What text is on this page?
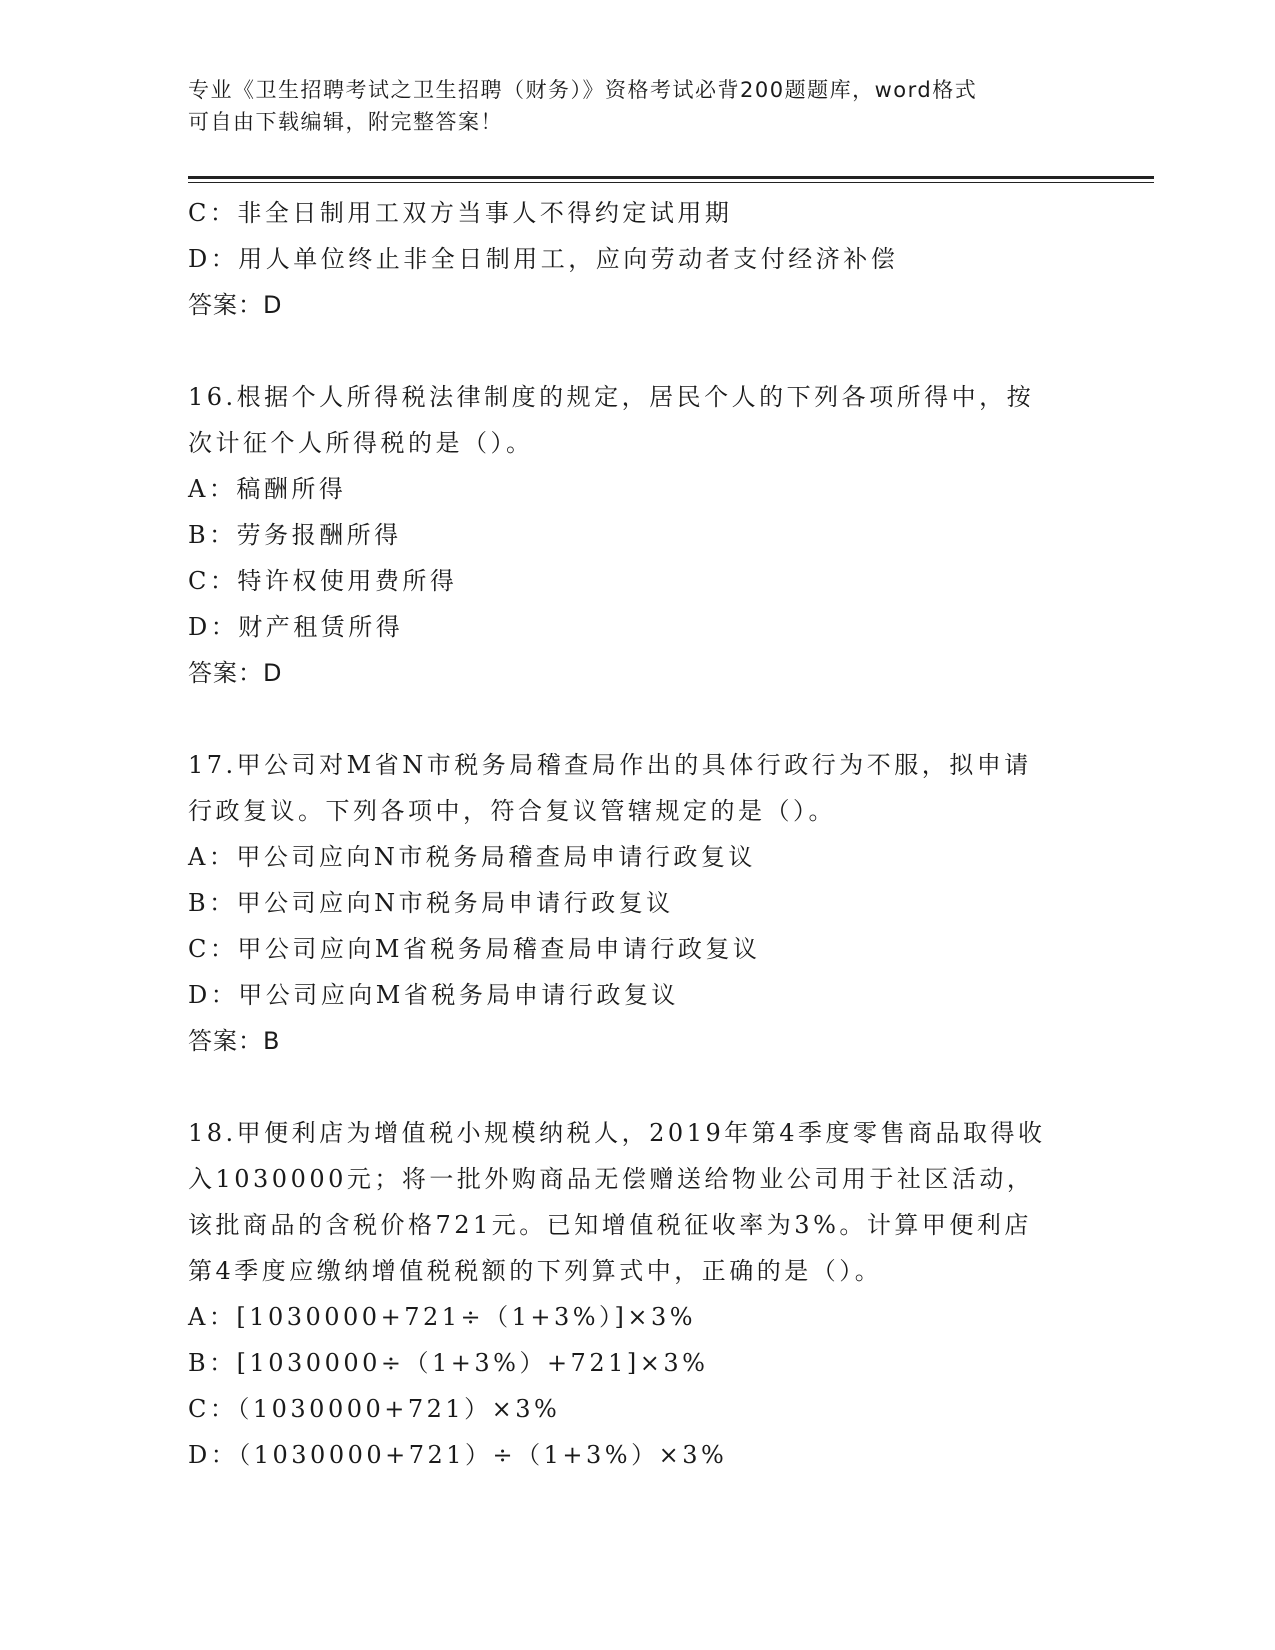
专业《卫生招聘考试之卫生招聘（财务）》资格考试必背200题题库，word格式
可自由下载编辑，附完整答案！
C：非全日制用工双方当事人不得约定试用期
D：用人单位终止非全日制用工，应向劳动者支付经济补偿
答案：D
16.根据个人所得税法律制度的规定，居民个人的下列各项所得中，按
次计征个人所得税的是（）。
A：稿酬所得
B：劳务报酬所得
C：特许权使用费所得
D：财产租赁所得
答案：D
17.甲公司对M省N市税务局稽查局作出的具体行政行为不服，拟申请
行政复议。下列各项中，符合复议管辖规定的是（）。
A：甲公司应向N市税务局稽查局申请行政复议
B：甲公司应向N市税务局申请行政复议
C：甲公司应向M省税务局稽查局申请行政复议
D：甲公司应向M省税务局申请行政复议
答案：B
18.甲便利店为增值税小规模纳税人，2019年第4季度零售商品取得收
入1030000元；将一批外购商品无偿赠送给物业公司用于社区活动，
该批商品的含税价格721元。已知增值税征收率为3%。计算甲便利店
第4季度应缴纳增值税税额的下列算式中，正确的是（）。
A：[1030000+721÷（1+3%）]×3%
B：[1030000÷（1+3%）+721]×3%
C：（1030000+721）×3%
D：（1030000+721）÷（1+3%）×3%
